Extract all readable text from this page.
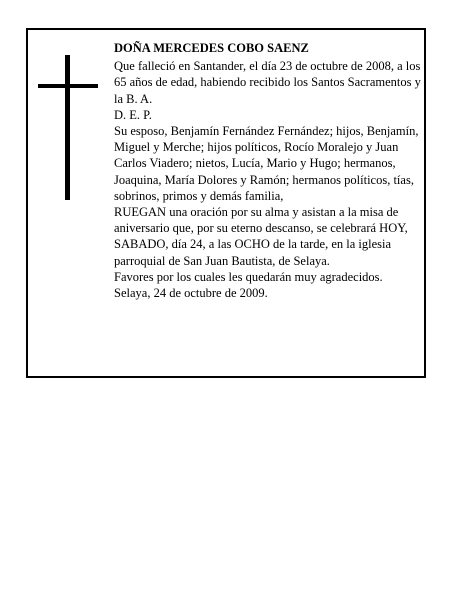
DOÑA MERCEDES COBO SAENZ

Que falleció en Santander, el día 23 de octubre de 2008, a los 65 años de edad, habiendo recibido los Santos Sacramentos y la B. A.

D. E. P.

Su esposo, Benjamín Fernández Fernández; hijos, Benjamín, Miguel y Merche; hijos políticos, Rocío Moralejo y Juan Carlos Viadero; nietos, Lucía, Mario y Hugo; hermanos, Joaquina, María Dolores y Ramón; hermanos políticos, tías, sobrinos, primos y demás familia,

RUEGAN una oración por su alma y asistan a la misa de aniversario que, por su eterno descanso, se celebrará HOY, SABADO, día 24, a las OCHO de la tarde, en la iglesia parroquial de San Juan Bautista, de Selaya.

Favores por los cuales les quedarán muy agradecidos.

Selaya, 24 de octubre de 2009.
